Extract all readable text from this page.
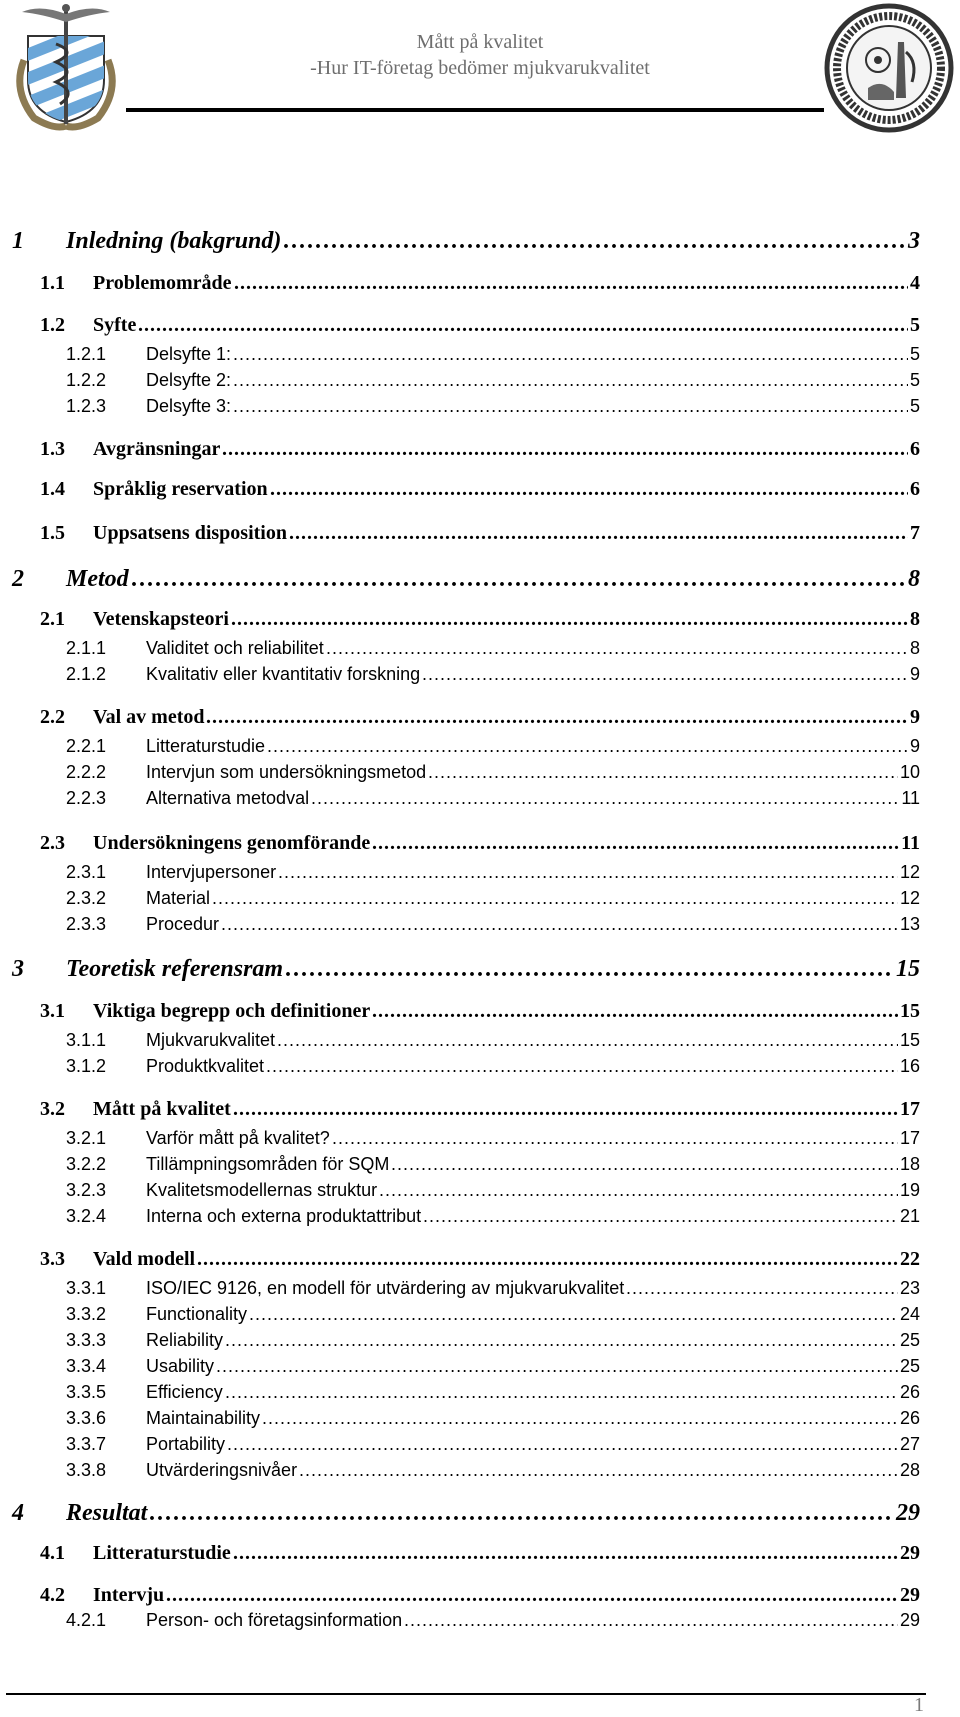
Mått på kvalitet
-Hur IT-företag bedömer mjukvarukvalitet
1 Inledning (bakgrund) . . .	3
1.1 Problemområde . . .	4
1.2 Syfte . . .	5
1.2.1 Delsyfte 1: . . .	5
1.2.2 Delsyfte 2: . . .	5
1.2.3 Delsyfte 3: . . .	5
1.3 Avgränsningar . . .	6
1.4 Språklig reservation . . .	6
1.5 Uppsatsens disposition . . .	7
2 Metod . . .	8
2.1 Vetenskapsteori . . .	8
2.1.1 Validitet och reliabilitet . . .	8
2.1.2 Kvalitativ eller kvantitativ forskning . . .	9
2.2 Val av metod . . .	9
2.2.1 Litteraturstudie . . .	9
2.2.2 Intervjun som undersökningsmetod . . .	10
2.2.3 Alternativa metodval . . .	11
2.3 Undersökningens genomförande . . .	11
2.3.1 Intervjupersoner . . .	12
2.3.2 Material . . .	12
2.3.3 Procedur . . .	13
3 Teoretisk referensram . . .	15
3.1 Viktiga begrepp och definitioner . . .	15
3.1.1 Mjukvarukvalitet . . .	15
3.1.2 Produktkvalitet . . .	16
3.2 Mått på kvalitet . . .	17
3.2.1 Varför mått på kvalitet? . . .	17
3.2.2 Tillämpningsområden för SQM . . .	18
3.2.3 Kvalitetsmodellernas struktur . . .	19
3.2.4 Interna och externa produktattribut . . .	21
3.3 Vald modell . . .	22
3.3.1 ISO/IEC 9126, en modell för utvärdering av mjukvarukvalitet . . .	23
3.3.2 Functionality . . .	24
3.3.3 Reliability . . .	25
3.3.4 Usability . . .	25
3.3.5 Efficiency . . .	26
3.3.6 Maintainability . . .	26
3.3.7 Portability . . .	27
3.3.8 Utvärderingsnivåer . . .	28
4 Resultat . . .	29
4.1 Litteraturstudie . . .	29
4.2 Intervju . . .	29
4.2.1 Person- och företagsinformation . . .	29
1
